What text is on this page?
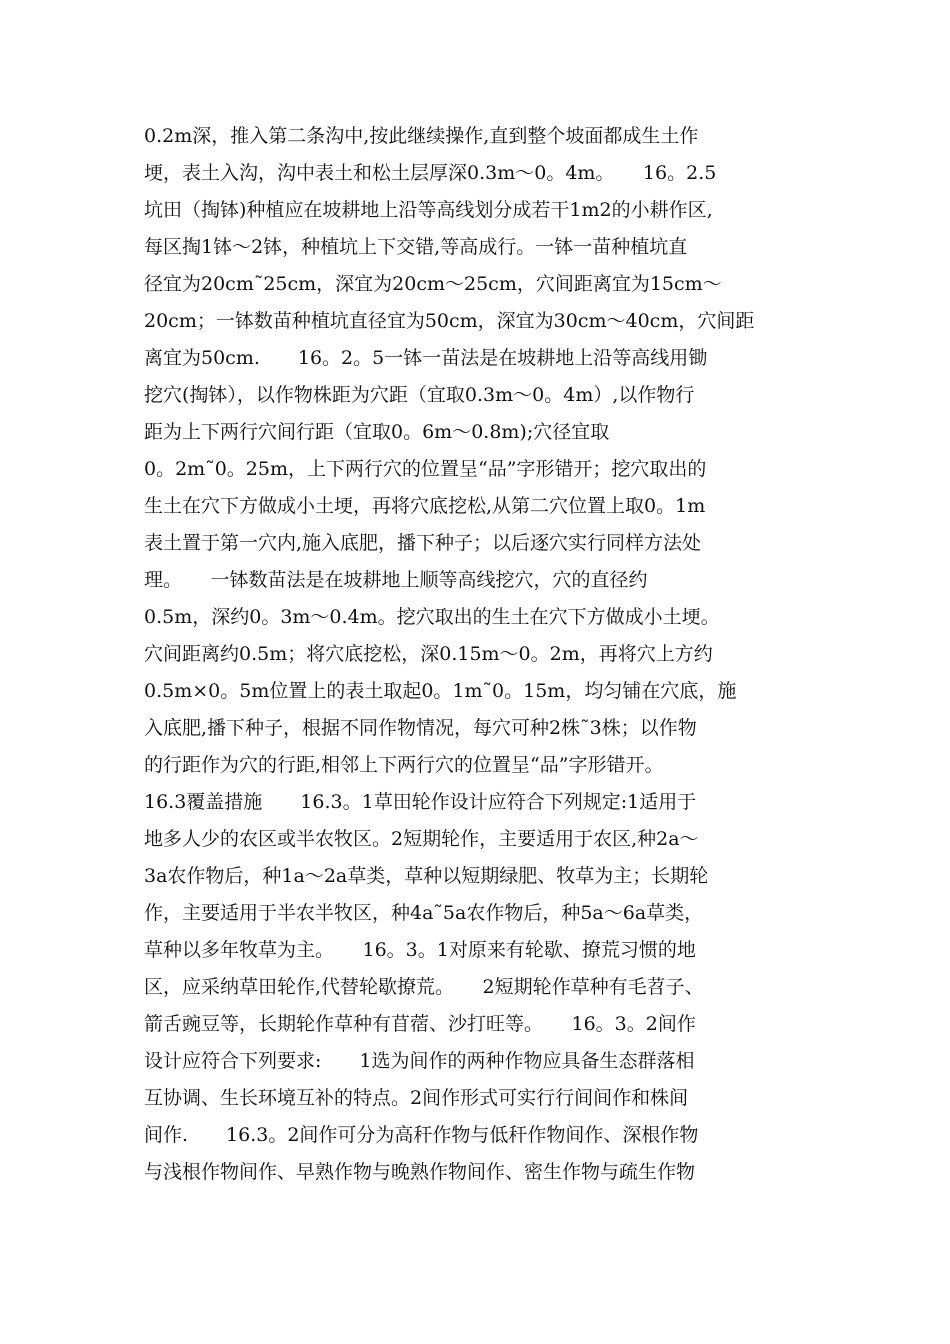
0.2m深，推入第二条沟中,按此继续操作,直到整个坡面都成生土作
埂，表土入沟，沟中表土和松土层厚深0.3m～0。4m。　　16。2.5
坑田（掏钵)种植应在坡耕地上沿等高线划分成若干1m2的小耕作区,
每区掏1钵～2钵，种植坑上下交错,等高成行。一钵一苗种植坑直
径宜为20cm˜25cm，深宜为20cm～25cm，穴间距离宜为15cm～
20cm；一钵数苗种植坑直径宜为50cm，深宜为30cm～40cm，穴间距
离宜为50cm.　　16。2。5一钵一苗法是在坡耕地上沿等高线用锄
挖穴(掏钵），以作物株距为穴距（宜取0.3m～0。4m）,以作物行
距为上下两行穴间行距（宜取0。6m～0.8m);穴径宜取
0。2m˜0。25m，上下两行穴的位置呈“品”字形错开；挖穴取出的
生土在穴下方做成小土埂，再将穴底挖松,从第二穴位置上取0。1m
表土置于第一穴内,施入底肥，播下种子；以后逐穴实行同样方法处
理。　　一钵数苗法是在坡耕地上顺等高线挖穴，穴的直径约
0.5m，深约0。3m～0.4m。挖穴取出的生土在穴下方做成小土埂。
穴间距离约0.5m；将穴底挖松，深0.15m～0。2m，再将穴上方约
0.5m×0。5m位置上的表土取起0。1m˜0。15m，均匀铺在穴底，施
入底肥,播下种子，根据不同作物情况，每穴可种2株˜3株；以作物
的行距作为穴的行距,相邻上下两行穴的位置呈“品”字形错开。
16.3覆盖措施　　16.3。1草田轮作设计应符合下列规定:1适用于
地多人少的农区或半农牧区。2短期轮作，主要适用于农区,种2a～
3a农作物后，种1a～2a草类，草种以短期绿肥、牧草为主；长期轮
作，主要适用于半农半牧区，种4a˜5a农作物后，种5a～6a草类，
草种以多年牧草为主。　　16。3。1对原来有轮歇、撩荒习惯的地
区，应采纳草田轮作,代替轮歇撩荒。　　2短期轮作草种有毛苕子、
箭舌豌豆等，长期轮作草种有苜蓿、沙打旺等。　　16。3。2间作
设计应符合下列要求:　　1选为间作的两种作物应具备生态群落相
互协调、生长环境互补的特点。2间作形式可实行行间间作和株间
间作.　　16.3。2间作可分为高秆作物与低秆作物间作、深根作物
与浅根作物间作、早熟作物与晚熟作物间作、密生作物与疏生作物
